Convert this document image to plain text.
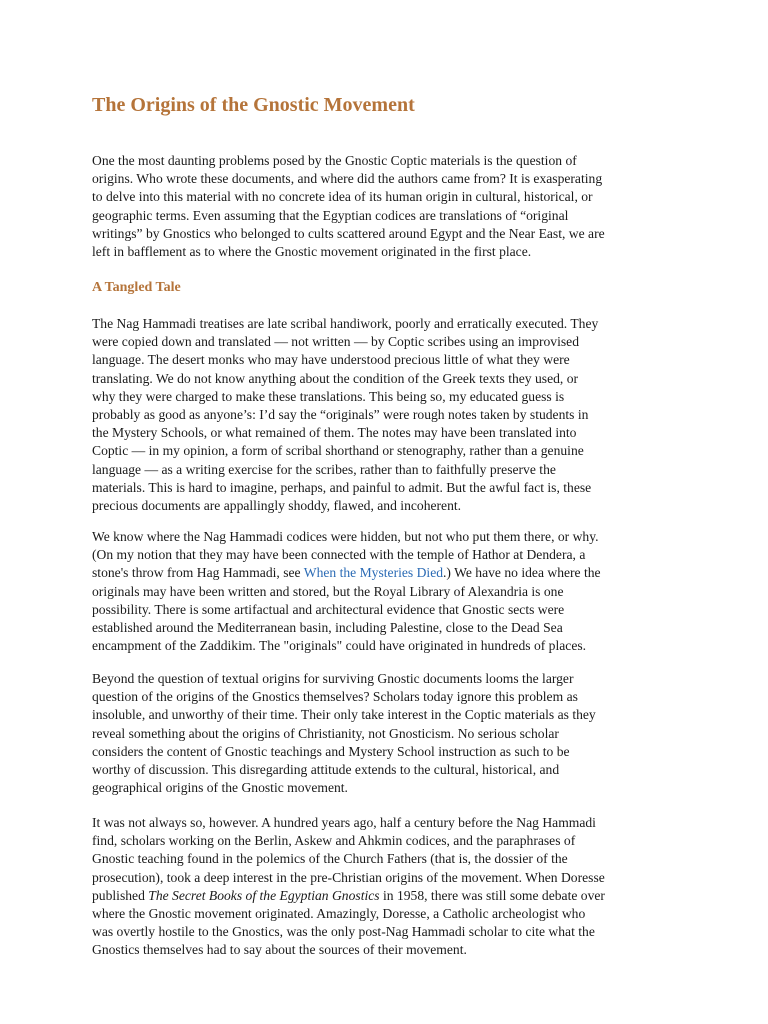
The Origins of the Gnostic Movement

One the most daunting problems posed by the Gnostic Coptic materials is the question of
origins. Who wrote these documents, and where did the authors came from? It is exasperating
to delve into this material with no concrete idea of its human origin in cultural, historical, or
geographic terms. Even assuming that the Egyptian codices are translations of “original
writings” by Gnostics who belonged to cults scattered around Egypt and the Near East, we are
left in bafflement as to where the Gnostic movement originated in the first place.

A Tangled Tale

The Nag Hammadi treatises are late scribal handiwork, poorly and erratically executed. They
were copied down and translated — not written — by Coptic scribes using an improvised
language. The desert monks who may have understood precious little of what they were
translating. We do not know anything about the condition of the Greek texts they used, or
why they were charged to make these translations. This being so, my educated guess is
probably as good as anyone’s: I’d say the “originals” were rough notes taken by students in
the Mystery Schools, or what remained of them. The notes may have been translated into
Coptic — in my opinion, a form of scribal shorthand or stenography, rather than a genuine
language — as a writing exercise for the scribes, rather than to faithfully preserve the
materials. This is hard to imagine, perhaps, and painful to admit. But the awful fact is, these
precious documents are appallingly shoddy, flawed, and incoherent.

We know where the Nag Hammadi codices were hidden, but not who put them there, or why.
(On my notion that they may have been connected with the temple of Hathor at Dendera, a
stone's throw from Hag Hammadi, see When the Mysteries Died.) We have no idea where the
originals may have been written and stored, but the Royal Library of Alexandria is one
possibility. There is some artifactual and architectural evidence that Gnostic sects were
established around the Mediterranean basin, including Palestine, close to the Dead Sea
encampment of the Zaddikim. The "originals" could have originated in hundreds of places.

Beyond the question of textual origins for surviving Gnostic documents looms the larger
question of the origins of the Gnostics themselves? Scholars today ignore this problem as
insoluble, and unworthy of their time. Their only take interest in the Coptic materials as they
reveal something about the origins of Christianity, not Gnosticism. No serious scholar
considers the content of Gnostic teachings and Mystery School instruction as such to be
worthy of discussion. This disregarding attitude extends to the cultural, historical, and
geographical origins of the Gnostic movement.

It was not always so, however. A hundred years ago, half a century before the Nag Hammadi
find, scholars working on the Berlin, Askew and Ahkmin codices, and the paraphrases of
Gnostic teaching found in the polemics of the Church Fathers (that is, the dossier of the
prosecution), took a deep interest in the pre-Christian origins of the movement. When Doresse
published The Secret Books of the Egyptian Gnostics in 1958, there was still some debate over
where the Gnostic movement originated. Amazingly, Doresse, a Catholic archeologist who
was overtly hostile to the Gnostics, was the only post-Nag Hammadi scholar to cite what the
Gnostics themselves had to say about the sources of their movement.
